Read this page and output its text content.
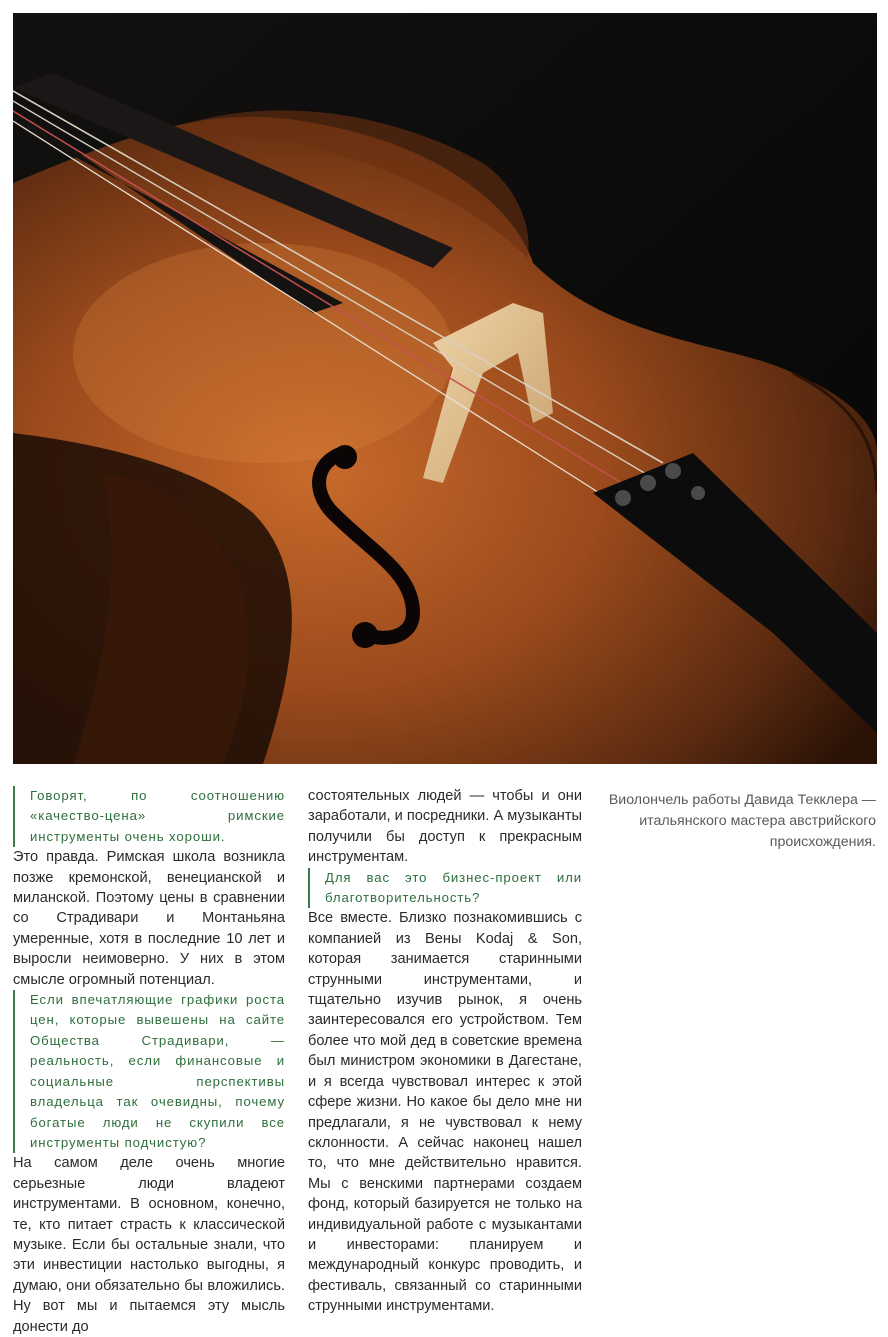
Говорят, по соотношению «качество-цена» римские инструменты очень хороши.

Это правда. Римская школа возникла позже кремонской, венецианской и миланской. Поэтому цены в сравнении со Страдивари и Монтаньяна умеренные, хотя в последние 10 лет и выросли неимоверно. У них в этом смысле огромный потенциал.

Если впечатляющие графики роста цен, которые вывешены на сайте Общества Страдивари, — реальность, если финансовые и социальные перспективы владельца так очевидны, почему богатые люди не скупили все инструменты подчистую?

На самом деле очень многие серьезные люди владеют инструментами. В основном, конечно, те, кто питает страсть к классической музыке. Если бы остальные знали, что эти инвестиции настолько выгодны, я думаю, они обязательно бы вложились. Ну вот мы и пытаемся эту мысль донести до

состоятельных людей — чтобы и они заработали, и посредники. А музыканты получили бы доступ к прекрасным инструментам.

Для вас это бизнес-проект или благотворительность?

Все вместе. Близко познакомившись с компанией из Вены Kodaj & Son, которая занимается старинными струнными инструментами, и тщательно изучив рынок, я очень заинтересовался его устройством. Тем более что мой дед в советские времена был министром экономики в Дагестане, и я всегда чувствовал интерес к этой сфере жизни. Но какое бы дело мне ни предлагали, я не чувствовал к нему склонности. А сейчас наконец нашел то, что мне действительно нравится. Мы с венскими партнерами создаем фонд, который базируется не только на индивидуальной работе с музыкантами и инвесторами: планируем и международный конкурс проводить, и фестиваль, связанный со старинными струнными инструментами.

Виолончель работы Давида Текклера — итальянского мастера австрийского происхождения.
